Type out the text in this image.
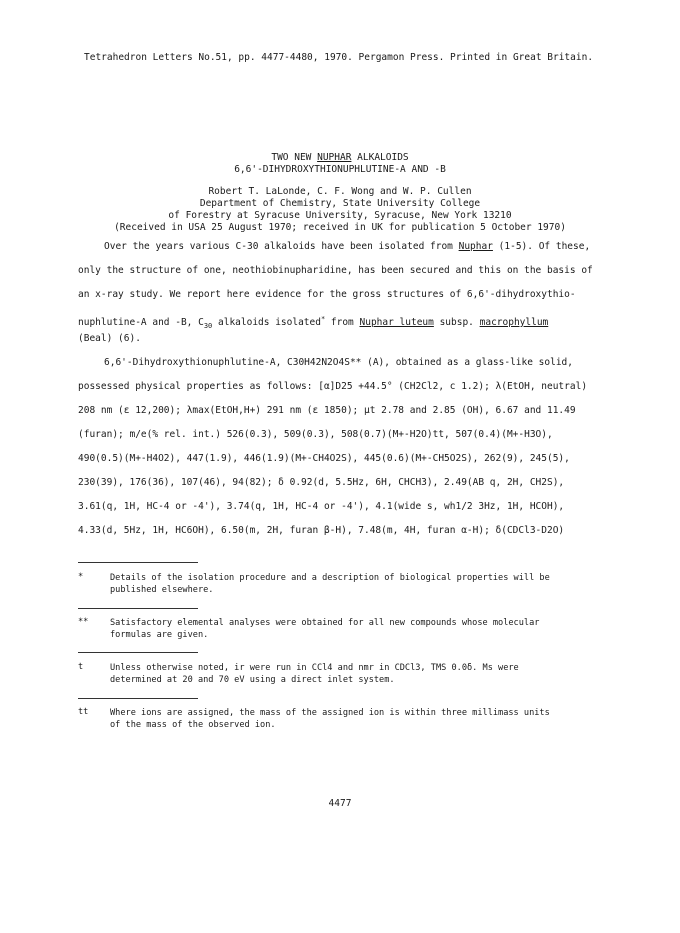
Tetrahedron Letters No.51, pp. 4477-4480, 1970. Pergamon Press. Printed in Great Britain.
TWO NEW NUPHAR ALKALOIDS
6,6'-DIHYDROXYTHIONUPHLUTINE-A AND -B
Robert T. LaLonde, C. F. Wong and W. P. Cullen
Department of Chemistry, State University College
of Forestry at Syracuse University, Syracuse, New York 13210
(Received in USA 25 August 1970; received in UK for publication 5 October 1970)
Over the years various C-30 alkaloids have been isolated from Nuphar (1-5). Of these,
only the structure of one, neothiobinupharidine, has been secured and this on the basis of
an x-ray study. We report here evidence for the gross structures of 6,6'-dihydroxythio-
nuphlutine-A and -B, $C_{30}$ alkaloids isolated* from Nuphar luteum subsp. macrophyllum
(Beal) (6).
6,6'-Dihydroxythionuphlutine-A, C30H42N2O4S** (A), obtained as a glass-like solid,
possessed physical properties as follows: [α]D25 +44.5° (CH2Cl2, c 1.2); λ(EtOH, neutral)
208 nm (ε 12,200); λmax(EtOH,H+) 291 nm (ε 1850); μt 2.78 and 2.85 (OH), 6.67 and 11.49
(furan); m/e(% rel. int.) 526(0.3), 509(0.3), 508(0.7)(M+-H2O)tt, 507(0.4)(M+-H3O),
490(0.5)(M+-H4O2), 447(1.9), 446(1.9)(M+-CH4O2S), 445(0.6)(M+-CH5O2S), 262(9), 245(5),
230(39), 176(36), 107(46), 94(82); δ 0.92(d, 5.5Hz, 6H, CHCH3), 2.49(AB q, 2H, CH2S),
3.61(q, 1H, HC-4 or -4'), 3.74(q, 1H, HC-4 or -4'), 4.1(wide s, wh1/2 3Hz, 1H, HCOH),
4.33(d, 5Hz, 1H, HC6OH), 6.50(m, 2H, furan β-H), 7.48(m, 4H, furan α-H); δ(CDCl3-D2O)
*	Details of the isolation procedure and a description of biological properties will be
published elsewhere.
**	Satisfactory elemental analyses were obtained for all new compounds whose molecular
formulas are given.
t	Unless otherwise noted, ir were run in CCl4 and nmr in CDCl3, TMS 0.0δ. Ms were
determined at 20 and 70 eV using a direct inlet system.
tt	Where ions are assigned, the mass of the assigned ion is within three millimass units
of the mass of the observed ion.
4477
